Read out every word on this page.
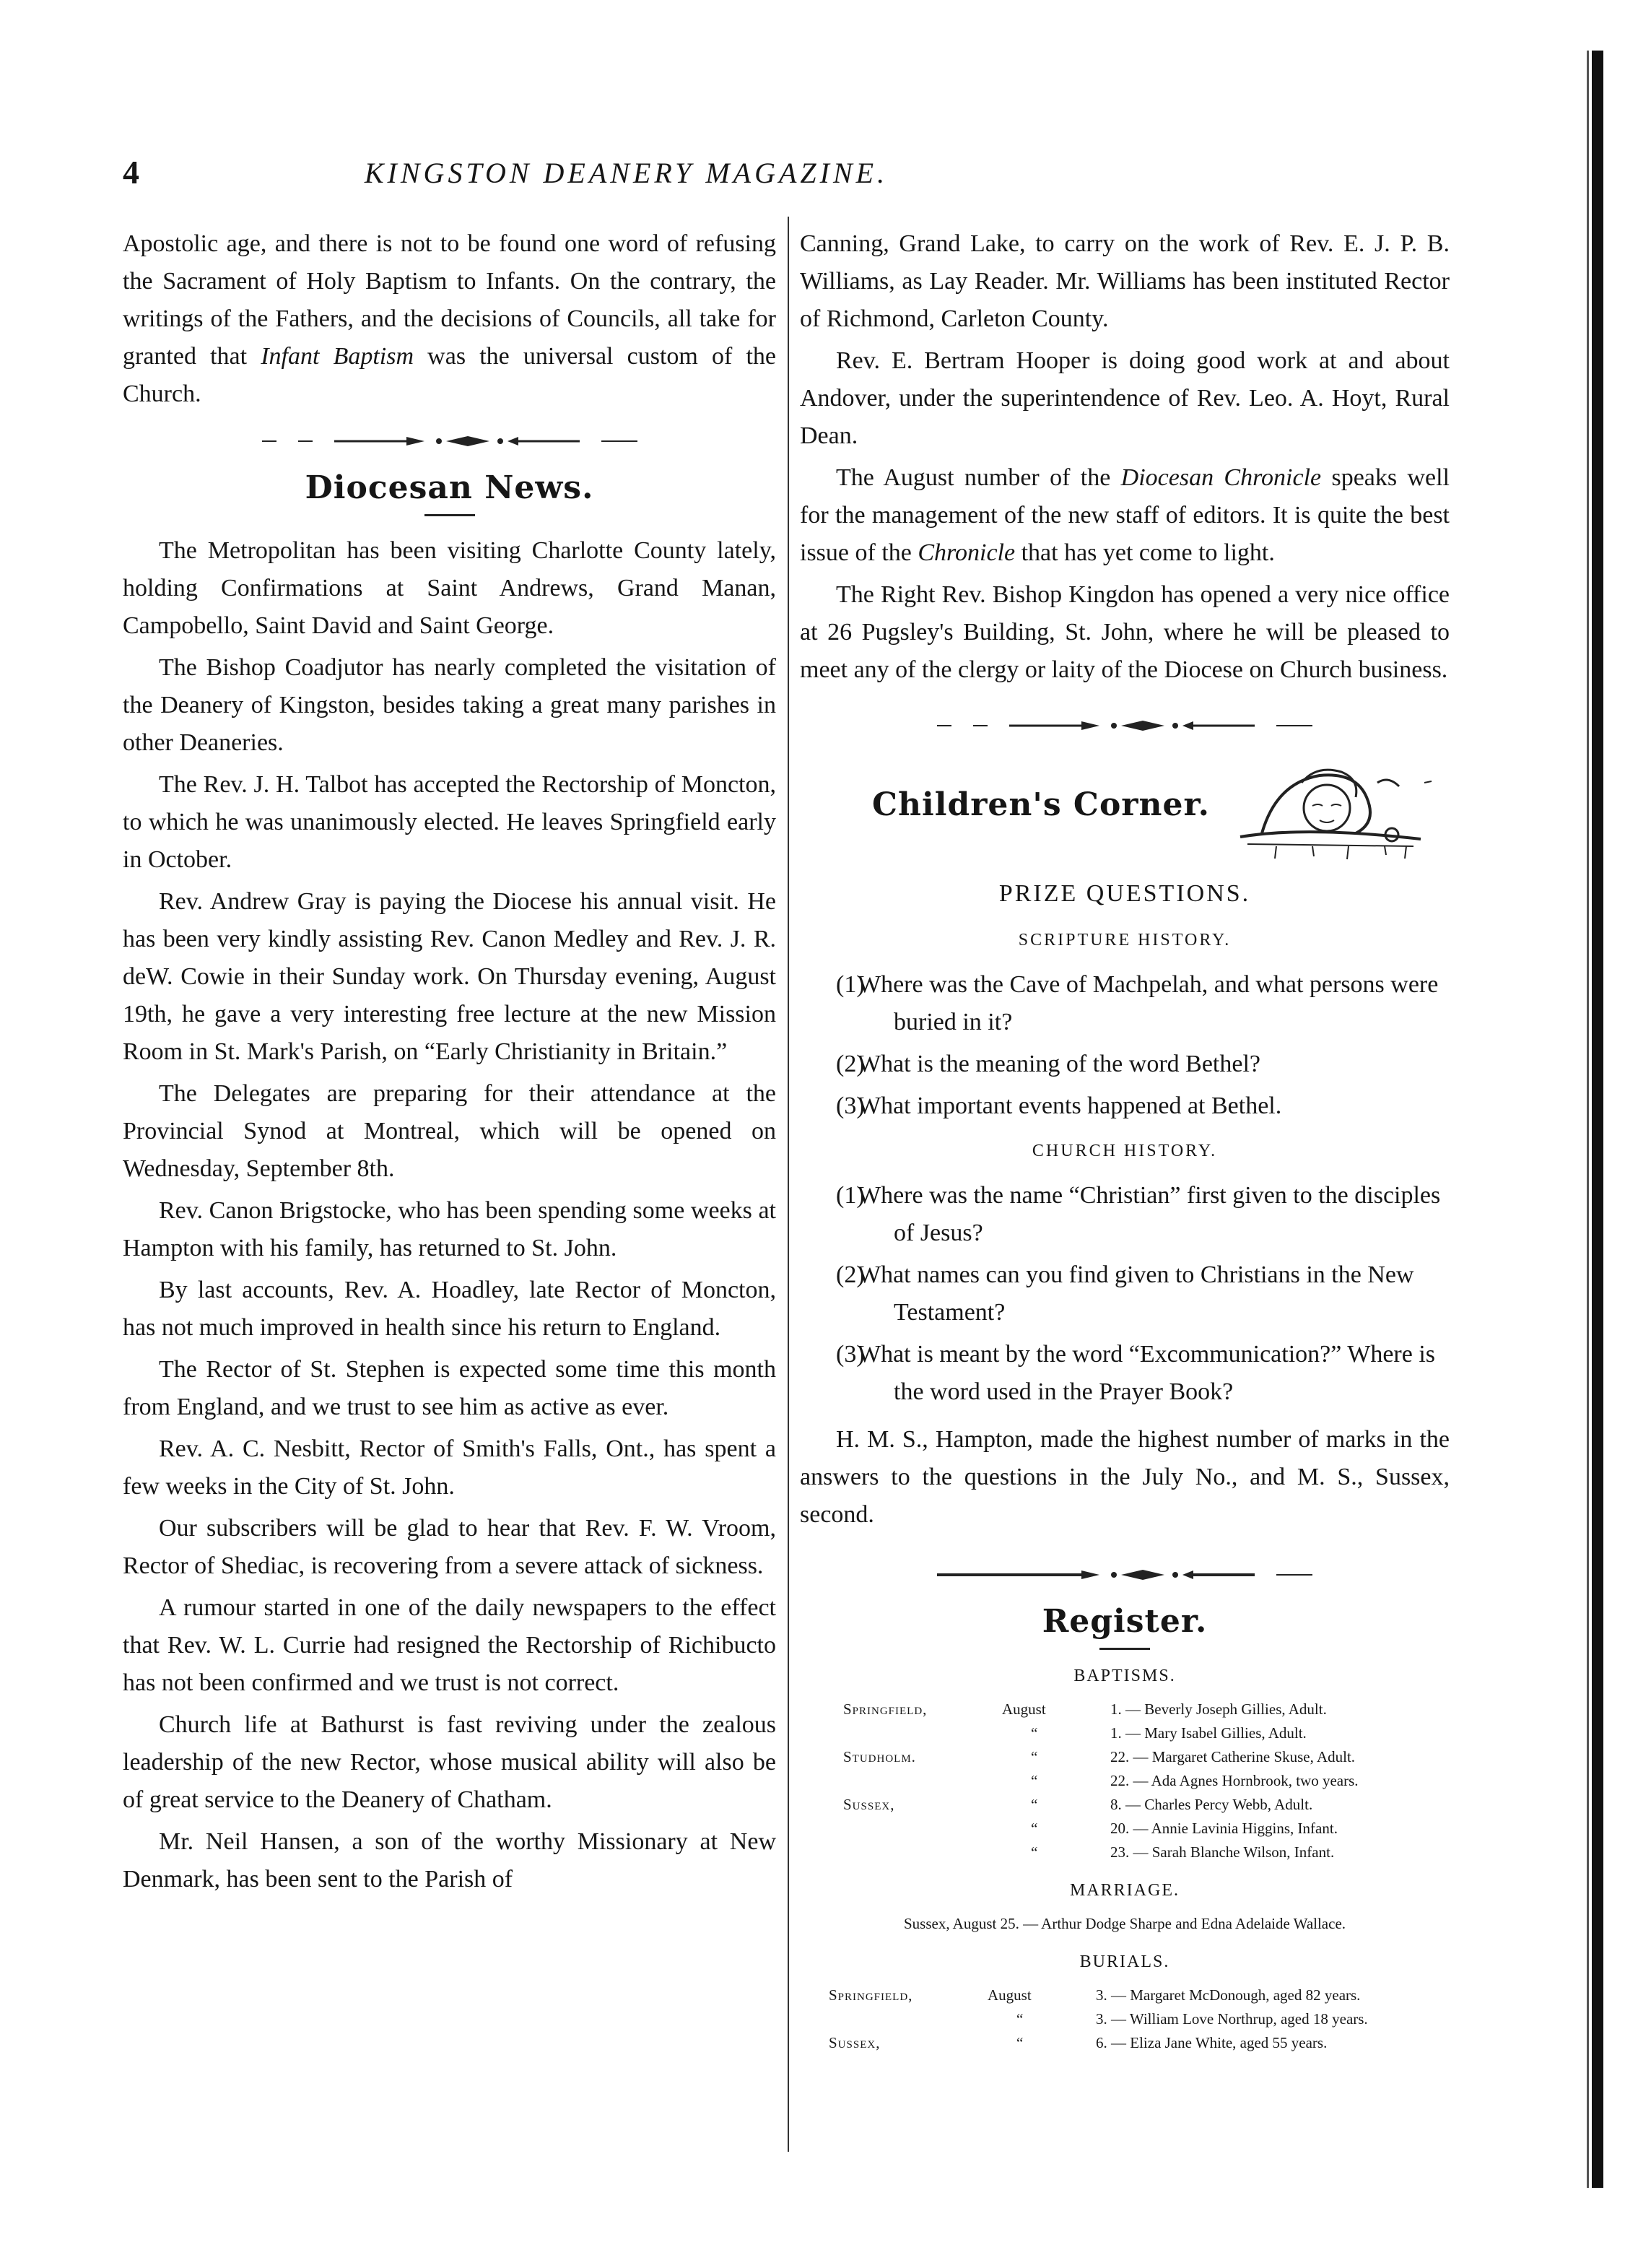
4	KINGSTON DEANERY MAGAZINE.

Apostolic age, and there is not to be found one word of refusing the Sacrament of Holy Baptism to Infants. On the contrary, the writings of the Fathers, and the decisions of Councils, all take for granted that Infant Baptism was the universal custom of the Church.

Diocesan News.

The Metropolitan has been visiting Charlotte County lately, holding Confirmations at Saint Andrews, Grand Manan, Campobello, Saint David and Saint George.

The Bishop Coadjutor has nearly completed the visitation of the Deanery of Kingston, besides taking a great many parishes in other Deaneries.

The Rev. J. H. Talbot has accepted the Rectorship of Moncton, to which he was unanimously elected. He leaves Springfield early in October.

Rev. Andrew Gray is paying the Diocese his annual visit. He has been very kindly assisting Rev. Canon Medley and Rev. J. R. deW. Cowie in their Sunday work. On Thursday evening, August 19th, he gave a very interesting free lecture at the new Mission Room in St. Mark's Parish, on “Early Christianity in Britain.”

The Delegates are preparing for their attendance at the Provincial Synod at Montreal, which will be opened on Wednesday, September 8th.

Rev. Canon Brigstocke, who has been spending some weeks at Hampton with his family, has returned to St. John.

By last accounts, Rev. A. Hoadley, late Rector of Moncton, has not much improved in health since his return to England.

The Rector of St. Stephen is expected some time this month from England, and we trust to see him as active as ever.

Rev. A. C. Nesbitt, Rector of Smith's Falls, Ont., has spent a few weeks in the City of St. John.

Our subscribers will be glad to hear that Rev. F. W. Vroom, Rector of Shediac, is recovering from a severe attack of sickness.

A rumour started in one of the daily newspapers to the effect that Rev. W. L. Currie had resigned the Rectorship of Richibucto has not been confirmed and we trust is not correct.

Church life at Bathurst is fast reviving under the zealous leadership of the new Rector, whose musical ability will also be of great service to the Deanery of Chatham.

Mr. Neil Hansen, a son of the worthy Missionary at New Denmark, has been sent to the Parish of

Canning, Grand Lake, to carry on the work of Rev. E. J. P. B. Williams, as Lay Reader. Mr. Williams has been instituted Rector of Richmond, Carleton County.

Rev. E. Bertram Hooper is doing good work at and about Andover, under the superintendence of Rev. Leo. A. Hoyt, Rural Dean.

The August number of the Diocesan Chronicle speaks well for the management of the new staff of editors. It is quite the best issue of the Chronicle that has yet come to light.

The Right Rev. Bishop Kingdon has opened a very nice office at 26 Pugsley's Building, St. John, where he will be pleased to meet any of the clergy or laity of the Diocese on Church business.

Children's Corner.
PRIZE QUESTIONS.
SCRIPTURE HISTORY.

(1)
Where was the Cave of Machpelah, and what persons were buried in it?

(2)
What is the meaning of the word Bethel?

(3)
What important events happened at Bethel.

CHURCH HISTORY.

(1)
Where was the name “Christian” first given to the disciples of Jesus?

(2)
What names can you find given to Christians in the New Testament?

(3)
What is meant by the word “Excommunication?” Where is the word used in the Prayer Book?

H. M. S., Hampton, made the highest number of marks in the answers to the questions in the July No., and M. S., Sussex, second.

Register.
BAPTISMS.
Springfield,	August	1. — Beverly Joseph Gillies, Adult.
	“	1. — Mary Isabel Gillies, Adult.
Studholm.	“	22. — Margaret Catherine Skuse, Adult.
	“	22. — Ada Agnes Hornbrook, two years.
Sussex,	“	8. — Charles Percy Webb, Adult.
	“	20. — Annie Lavinia Higgins, Infant.
	“	23. — Sarah Blanche Wilson, Infant.
MARRIAGE.
Sussex, August 25. — Arthur Dodge Sharpe and Edna Adelaide Wallace.
BURIALS.
Springfield,	August	3. — Margaret McDonough, aged 82 years.
	“	3. — William Love Northrup, aged 18 years.
Sussex,	“	6. — Eliza Jane White, aged 55 years.
